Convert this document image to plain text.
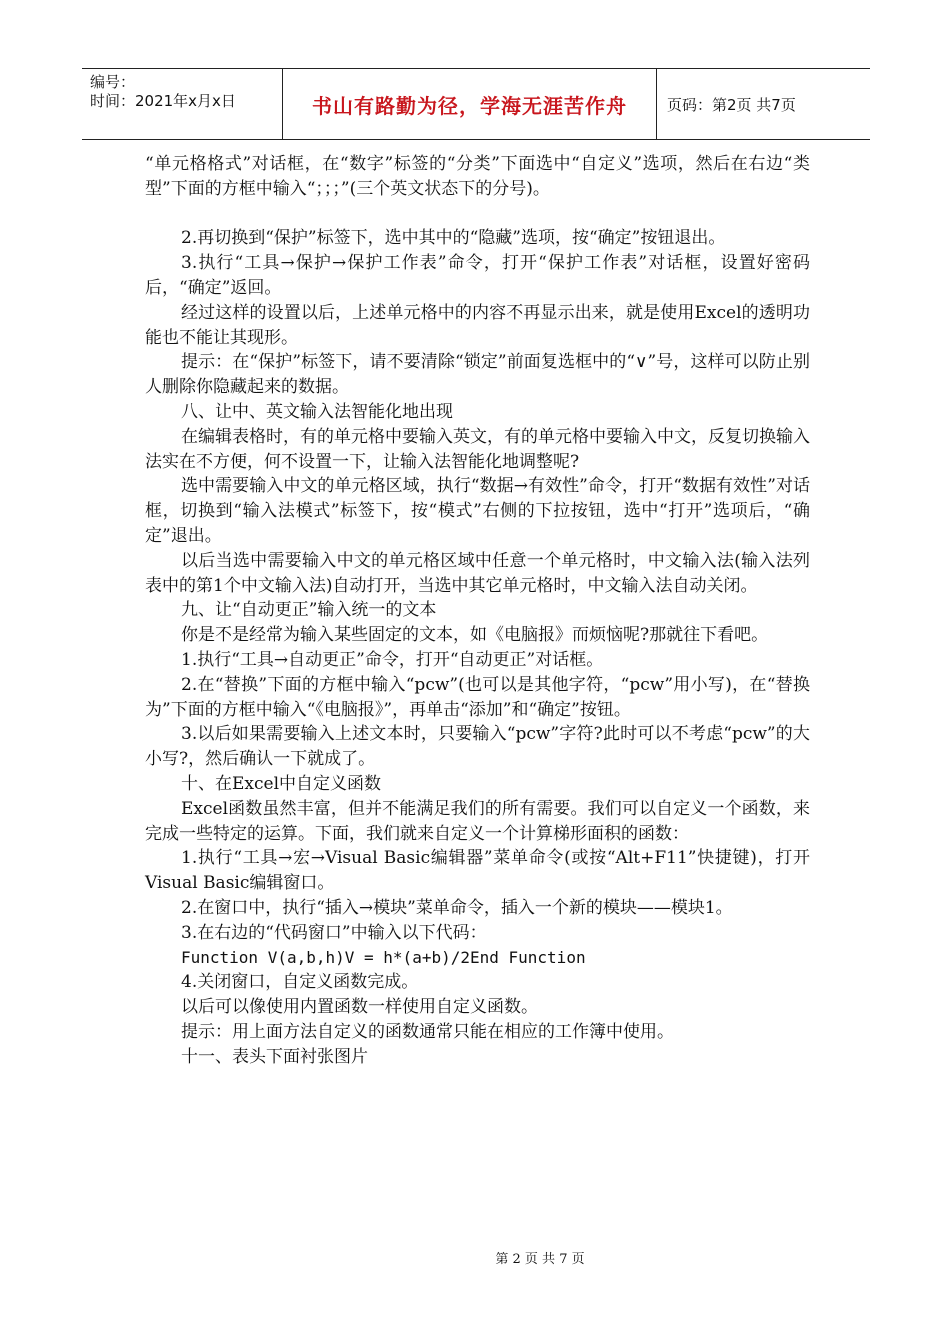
编号：
时间：2021年x月x日	书山有路勤为径，学海无涯苦作舟	页码：第2页 共7页

“单元格格式”对话框，在“数字”标签的“分类”下面选中“自定义”选项，然后在右边“类型”下面的方框中输入“；；；”(三个英文状态下的分号)。

2.再切换到“保护”标签下，选中其中的“隐藏”选项，按“确定”按钮退出。

3.执行“工具→保护→保护工作表”命令，打开“保护工作表”对话框，设置好密码后，“确定”返回。

经过这样的设置以后，上述单元格中的内容不再显示出来，就是使用Excel的透明功能也不能让其现形。

提示：在“保护”标签下，请不要清除“锁定”前面复选框中的“∨”号，这样可以防止别人删除你隐藏起来的数据。

八、让中、英文输入法智能化地出现

在编辑表格时，有的单元格中要输入英文，有的单元格中要输入中文，反复切换输入法实在不方便，何不设置一下，让输入法智能化地调整呢?

选中需要输入中文的单元格区域，执行“数据→有效性”命令，打开“数据有效性”对话框，切换到“输入法模式”标签下，按“模式”右侧的下拉按钮，选中“打开”选项后，“确定”退出。

以后当选中需要输入中文的单元格区域中任意一个单元格时，中文输入法(输入法列表中的第1个中文输入法)自动打开，当选中其它单元格时，中文输入法自动关闭。

九、让“自动更正”输入统一的文本

你是不是经常为输入某些固定的文本，如《电脑报》而烦恼呢?那就往下看吧。

1.执行“工具→自动更正”命令，打开“自动更正”对话框。

2.在“替换”下面的方框中输入“pcw”(也可以是其他字符，“pcw”用小写)，在“替换为”下面的方框中输入“《电脑报》”，再单击“添加”和“确定”按钮。

3.以后如果需要输入上述文本时，只要输入“pcw”字符?此时可以不考虑“pcw”的大小写?，然后确认一下就成了。

十、在Excel中自定义函数

Excel函数虽然丰富，但并不能满足我们的所有需要。我们可以自定义一个函数，来完成一些特定的运算。下面，我们就来自定义一个计算梯形面积的函数：

1.执行“工具→宏→Visual Basic编辑器”菜单命令(或按“Alt+F11”快捷键)，打开Visual Basic编辑窗口。

2.在窗口中，执行“插入→模块”菜单命令，插入一个新的模块——模块1。

3.在右边的“代码窗口”中输入以下代码：

Function V(a,b,h)V = h*(a+b)/2End Function

4.关闭窗口，自定义函数完成。

以后可以像使用内置函数一样使用自定义函数。

提示：用上面方法自定义的函数通常只能在相应的工作簿中使用。

十一、表头下面衬张图片

第 2 页 共 7 页
